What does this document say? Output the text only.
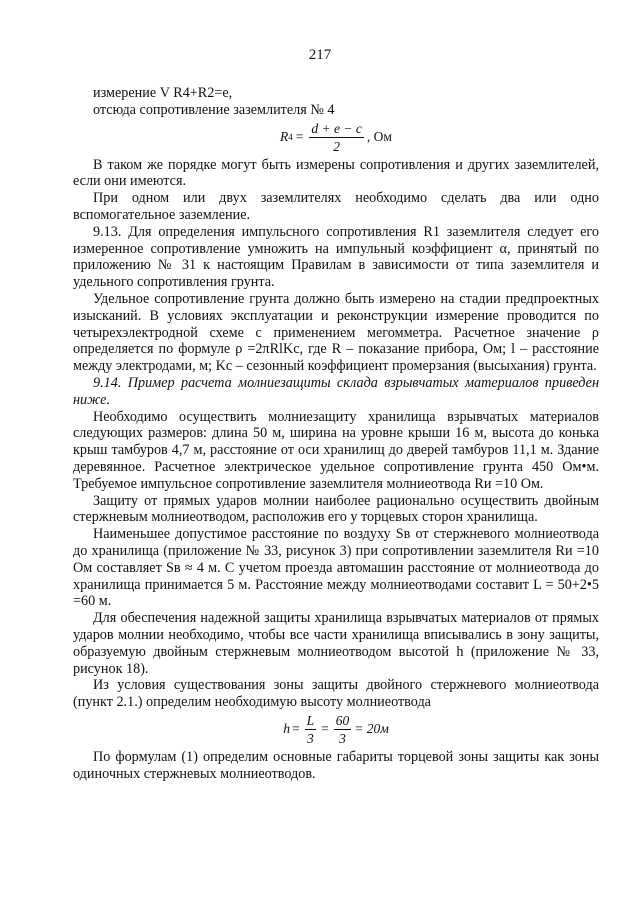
217

измерение V R4+R2=e,

отсюда сопротивление заземлителя № 4

R $4 = \frac{d + e - c}{2}$ , Ом

В таком же порядке могут быть измерены сопротивления и других заземлителей, если они имеются.

При одном или двух заземлителях необходимо сделать два или одно вспомогательное заземление.

9.13. Для определения импульсного сопротивления R1 заземлителя следует его измеренное сопротивление умножить на импульный коэффициент α, принятый по приложению № 31 к настоящим Правилам в зависимости от типа заземлителя и удельного сопротивления грунта.

Удельное сопротивление грунта должно быть измерено на стадии предпроектных изысканий. В условиях эксплуатации и реконструкции измерение проводится по четырехэлектродной схеме с применением мегомметра. Расчетное значение ρ определяется по формуле ρ =2πRlKc, где R – показание прибора, Ом; l – расстояние между электродами, м; Kc – сезонный коэффициент промерзания (высыхания) грунта.

9.14. Пример расчета молниезащиты склада взрывчатых материалов приведен ниже.

Необходимо осуществить молниезащиту хранилища взрывчатых материалов следующих размеров: длина 50 м, ширина на уровне крыши 16 м, высота до конька крыш тамбуров 4,7 м, расстояние от оси хранилищ до дверей тамбуров 11,1 м. Здание деревянное. Расчетное электрическое удельное сопротивление грунта 450 Ом•м. Требуемое импульсное сопротивление заземлителя молниеотвода Rи =10 Ом.

Защиту от прямых ударов молнии наиболее рационально осуществить двойным стержневым молниеотводом, расположив его у торцевых сторон хранилища.

Наименьшее допустимое расстояние по воздуху Sв от стержневого молниеотвода до хранилища (приложение № 33, рисунок 3) при сопротивлении заземлителя Rи =10 Ом составляет Sв ≈ 4 м. С учетом проезда автомашин расстояние от молниеотвода до хранилища принимается 5 м. Расстояние между молниеотводами составит L = 50+2•5 =60 м.

Для обеспечения надежной защиты хранилища взрывчатых материалов от прямых ударов молнии необходимо, чтобы все части хранилища вписывались в зону защиты, образуемую двойным стержневым молниеотводом высотой h (приложение № 33, рисунок 18).

Из условия существования зоны защиты двойного стержневого молниеотвода (пункт 2.1.) определим необходимую высоту молниеотвода

$h = \frac{L}{3} = \frac{60}{3} = 20м$

По формулам (1) определим основные габариты торцевой зоны защиты как зоны одиночных стержневых молниеотводов.
